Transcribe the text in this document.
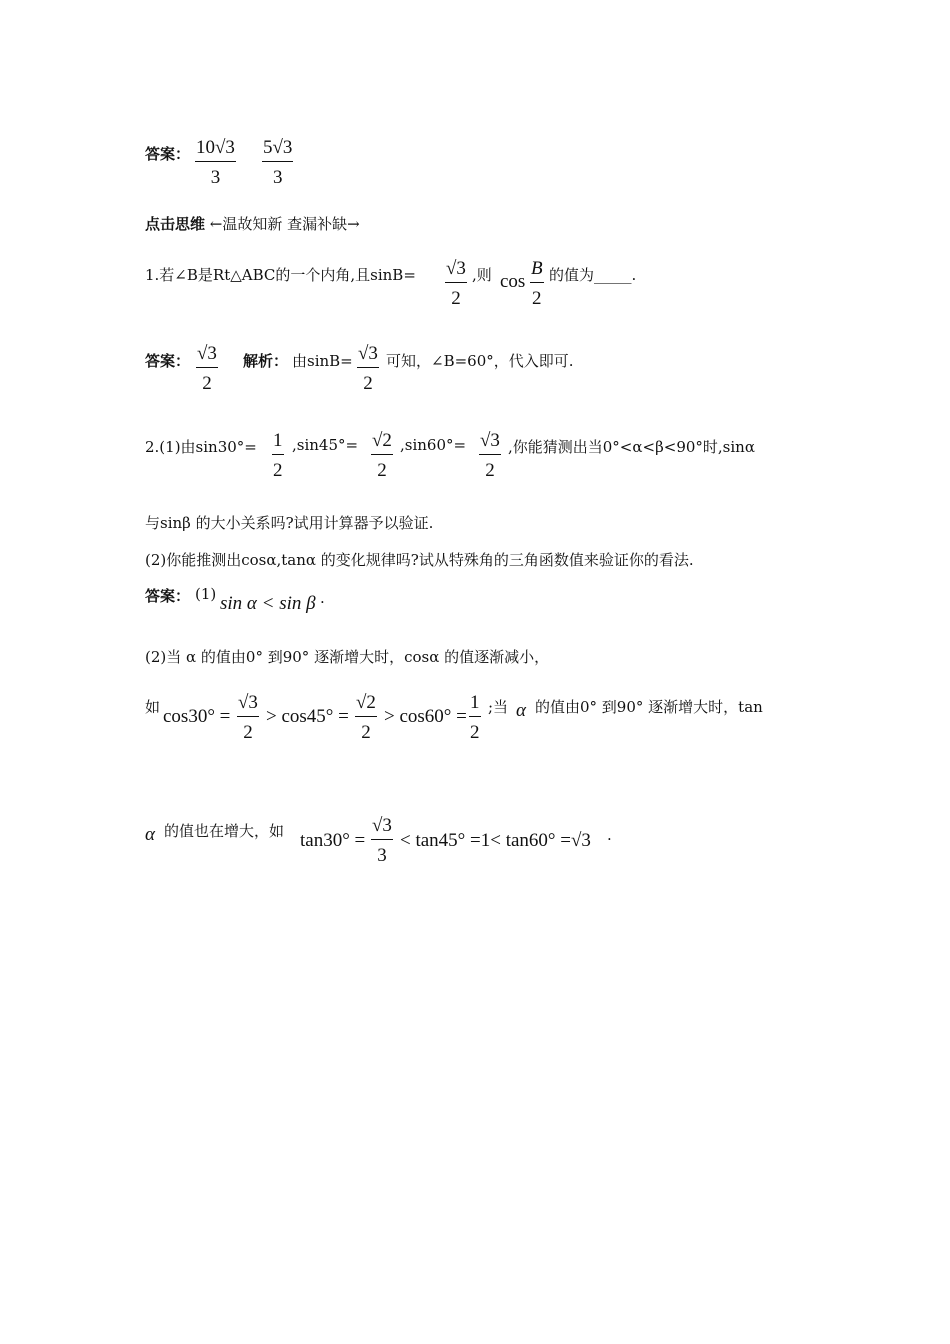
答案： $\frac{10√3}{3} \frac{5√3}{3}$
点击思维 ←温故知新 查漏补缺→
1.若∠B是Rt△ABC的一个内角,且$\sin B= \frac{√3}{2}$ ,则 $\cos \frac{B}{2}$ 的值为_____.
答案： $\frac{√3}{2}$ 解析： 由$\sin B= \frac{√3}{2}$ 可知，∠B=60°，代入即可.
2.(1)由$\sin 30^\circ= \frac{1}{2} ,\sin 45^\circ= \frac{√2}{2} ,\sin 60^\circ= \frac{√3}{2}$ ,你能猜测出当0°<α<β<90°时,sinα
与sinβ 的大小关系吗?试用计算器予以验证.
(2)你能推测出cosα,tanα 的变化规律吗?试从特殊角的三角函数值来验证你的看法.
答案： (1) sin α < sin β .
(2)当 α 的值由0° 到90° 逐渐增大时，cosα 的值逐渐减小，
如 $\cos 30^\circ = \frac{√3}{2} > \cos 45^\circ = \frac{√2}{2} > \cos 60^\circ = \frac{1}{2}$ ;当 α 的值由0° 到90° 逐渐增大时，tan
α 的值也在增大，如 $\tan 30^\circ = \frac{√3}{3} < \tan 45^\circ =1< \tan 60^\circ =√3$ .
